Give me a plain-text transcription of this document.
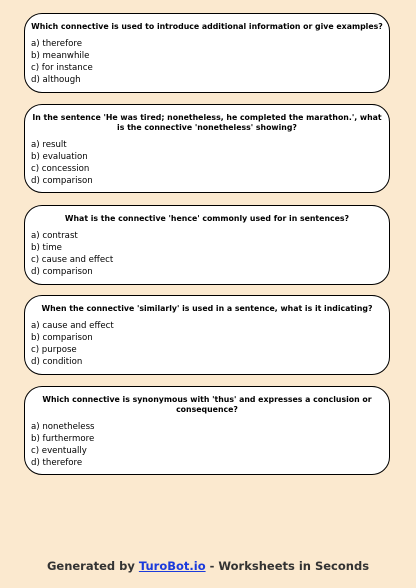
Which connective is used to introduce additional information or give examples?
a) therefore
b) meanwhile
c) for instance
d) although
In the sentence 'He was tired; nonetheless, he completed the marathon.', what is the connective 'nonetheless' showing?
a) result
b) evaluation
c) concession
d) comparison
What is the connective 'hence' commonly used for in sentences?
a) contrast
b) time
c) cause and effect
d) comparison
When the connective 'similarly' is used in a sentence, what is it indicating?
a) cause and effect
b) comparison
c) purpose
d) condition
Which connective is synonymous with 'thus' and expresses a conclusion or consequence?
a) nonetheless
b) furthermore
c) eventually
d) therefore
Generated by TuroBot.io - Worksheets in Seconds
